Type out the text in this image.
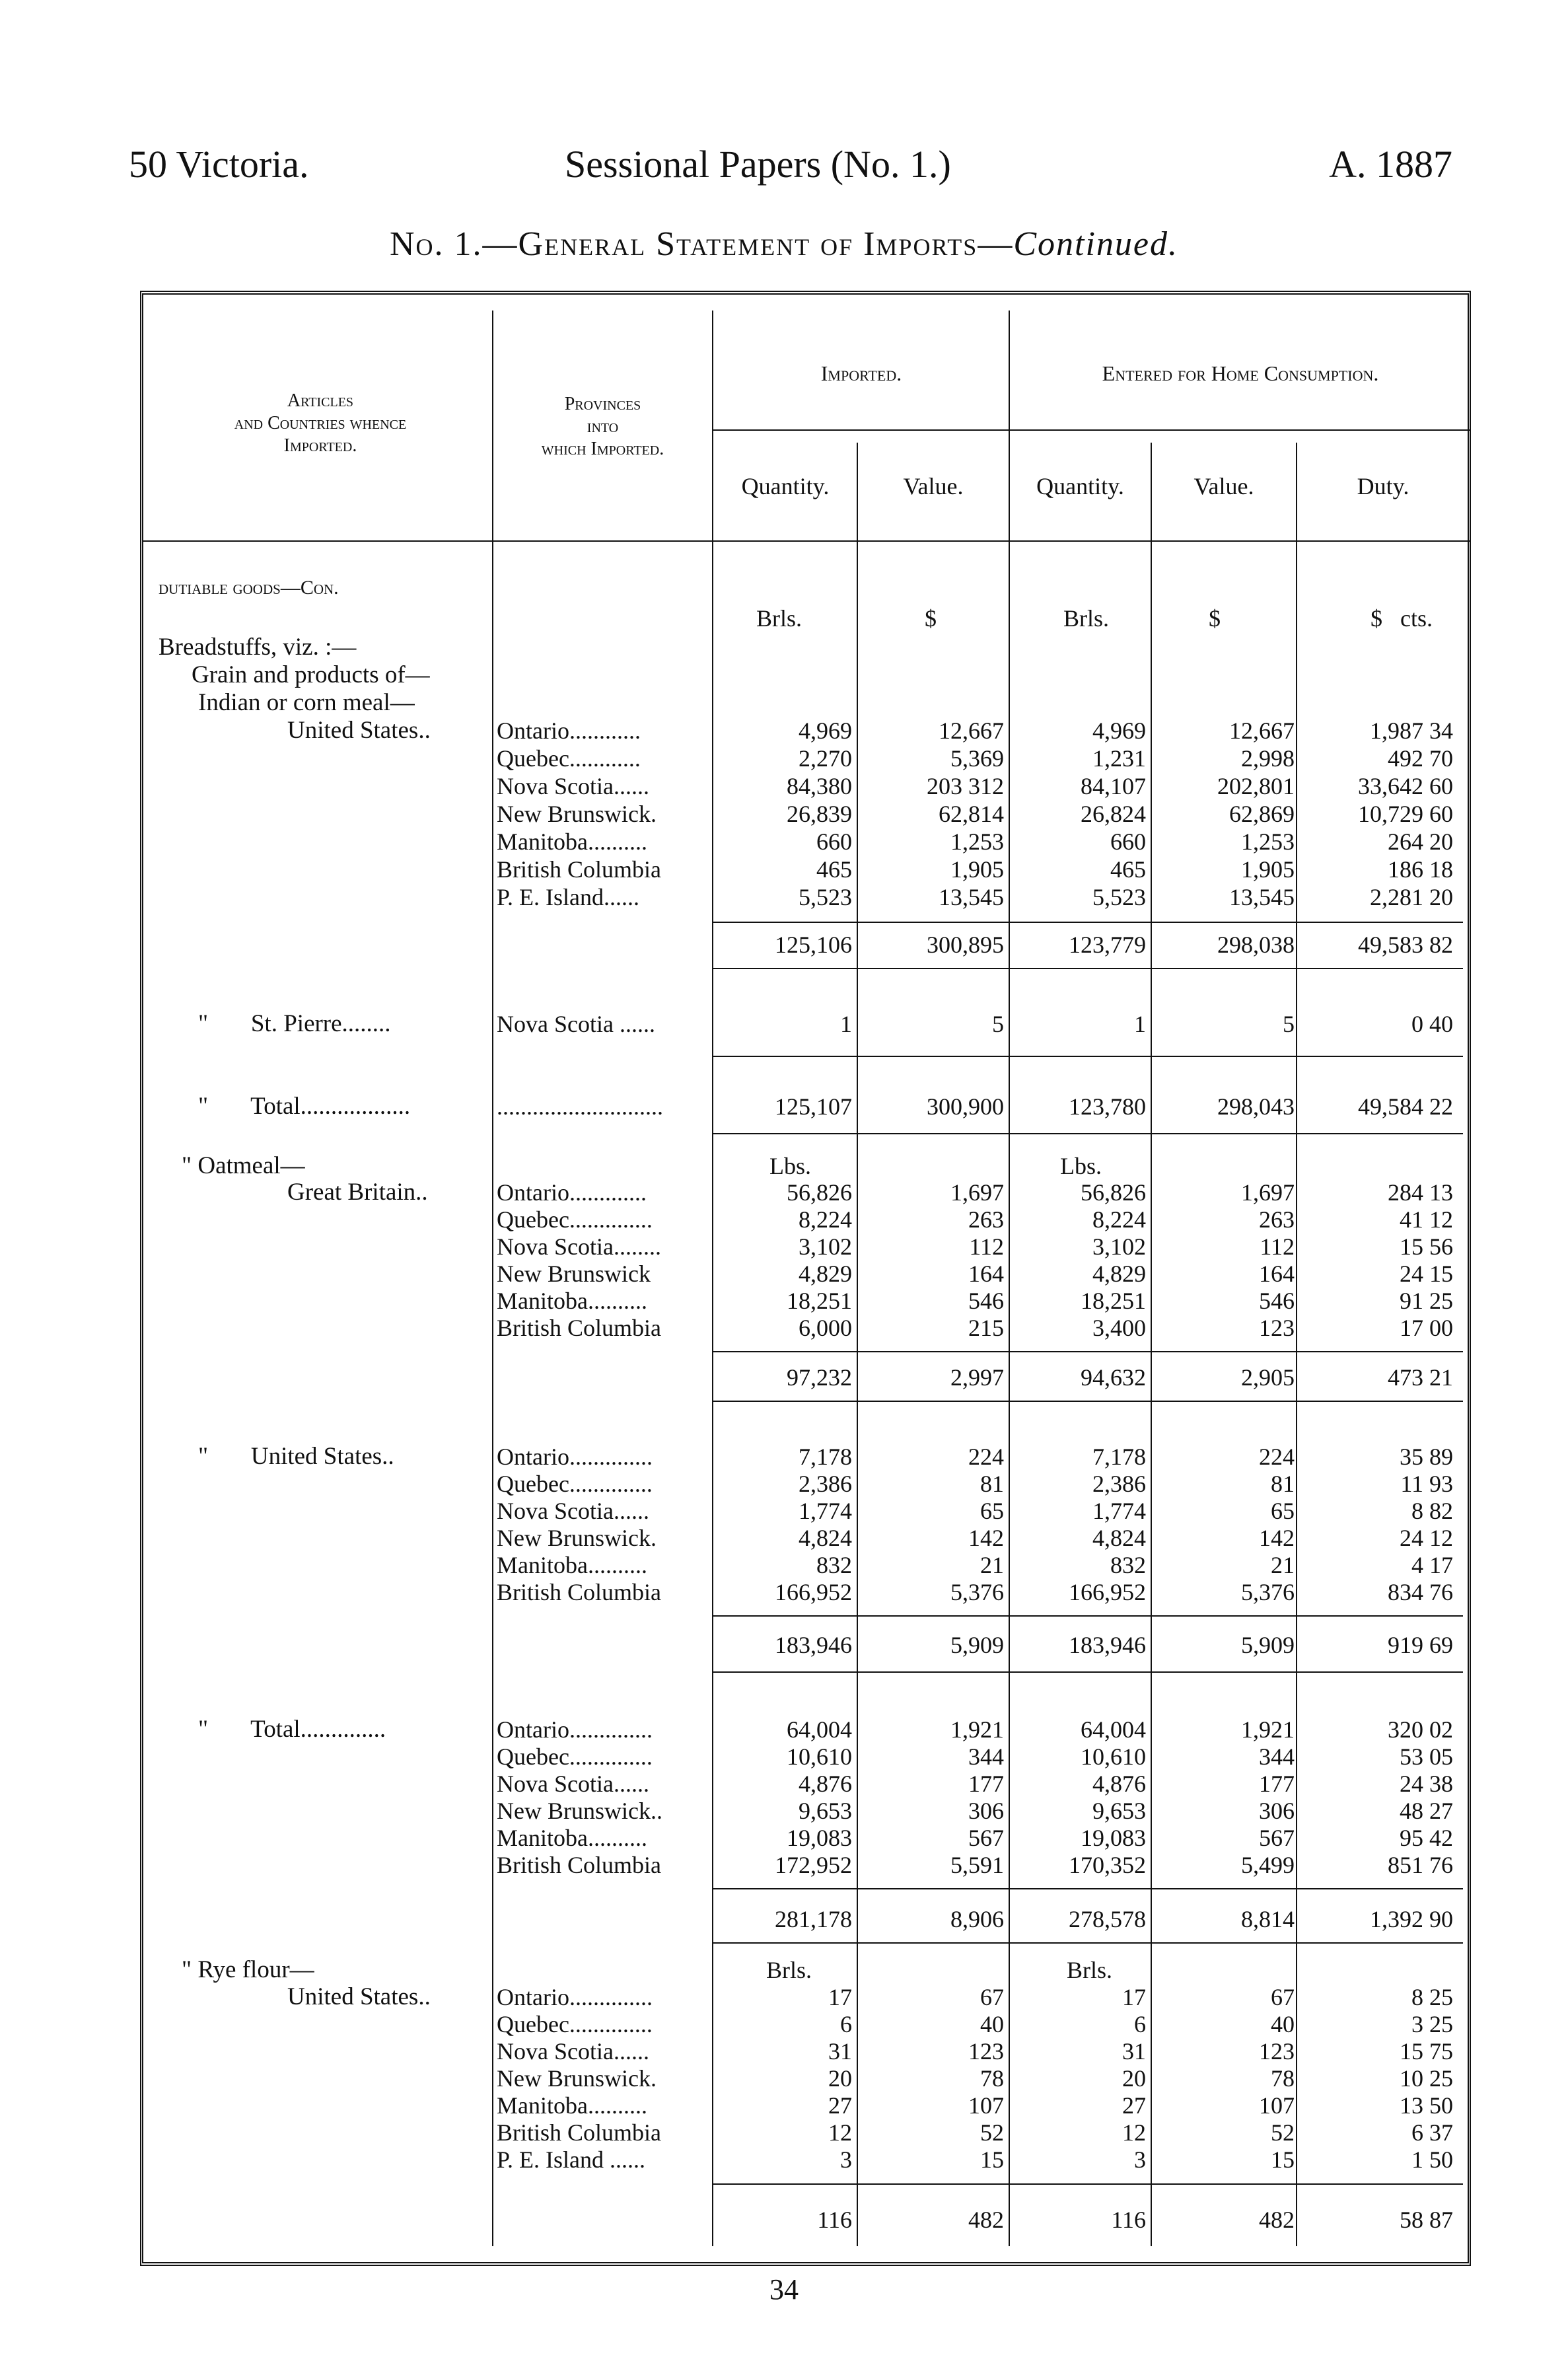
50 Victoria.	Sessional Papers (No. 1.)	A. 1887
No. 1.—General Statement of Imports—Continued.
Articles
and Countries whence
Imported.
Provinces
into
which Imported.
Imported.	Entered for Home Consumption.
Quantity.	Value.	Quantity.	Value.	Duty.
dutiable goods—Con.
Brls.	$	Brls.	$	$   cts.
Breadstuffs, viz. :—
Grain and products of—
Indian or corn meal—
United States..	Ontario............	4,969	12,667	4,969	12,667	1,987 34
Quebec............	2,270	5,369	1,231	2,998	492 70
Nova Scotia......	84,380	203 312	84,107	202,801	33,642 60
New Brunswick.	26,839	62,814	26,824	62,869	10,729 60
Manitoba..........	660	1,253	660	1,253	264 20
British Columbia	465	1,905	465	1,905	186 18
P. E. Island......	5,523	13,545	5,523	13,545	2,281 20
125,106	300,895	123,779	298,038	49,583 82
"       St. Pierre........	Nova Scotia ......	1	5	1	5	0 40
"       Total..................	............................	125,107	300,900	123,780	298,043	49,584 22
" Oatmeal—
Great Britain..
Lbs.	Lbs.
Ontario.............	56,826	1,697	56,826	1,697	284 13
Quebec..............	8,224	263	8,224	263	41 12
Nova Scotia........	3,102	112	3,102	112	15 56
New Brunswick	4,829	164	4,829	164	24 15
Manitoba..........	18,251	546	18,251	546	91 25
British Columbia	6,000	215	3,400	123	17 00
97,232	2,997	94,632	2,905	473 21
"       United States..	Ontario..............	7,178	224	7,178	224	35 89
Quebec..............	2,386	81	2,386	81	11 93
Nova Scotia......	1,774	65	1,774	65	8 82
New Brunswick.	4,824	142	4,824	142	24 12
Manitoba..........	832	21	832	21	4 17
British Columbia	166,952	5,376	166,952	5,376	834 76
183,946	5,909	183,946	5,909	919 69
"       Total..............	Ontario..............	64,004	1,921	64,004	1,921	320 02
Quebec..............	10,610	344	10,610	344	53 05
Nova Scotia......	4,876	177	4,876	177	24 38
New Brunswick..	9,653	306	9,653	306	48 27
Manitoba..........	19,083	567	19,083	567	95 42
British Columbia	172,952	5,591	170,352	5,499	851 76
281,178	8,906	278,578	8,814	1,392 90
" Rye flour—
United States..
Brls.	Brls.
Ontario..............	17	67	17	67	8 25
Quebec..............	6	40	6	40	3 25
Nova Scotia......	31	123	31	123	15 75
New Brunswick.	20	78	20	78	10 25
Manitoba..........	27	107	27	107	13 50
British Columbia	12	52	12	52	6 37
P. E. Island ......	3	15	3	15	1 50
116	482	116	482	58 87
34
